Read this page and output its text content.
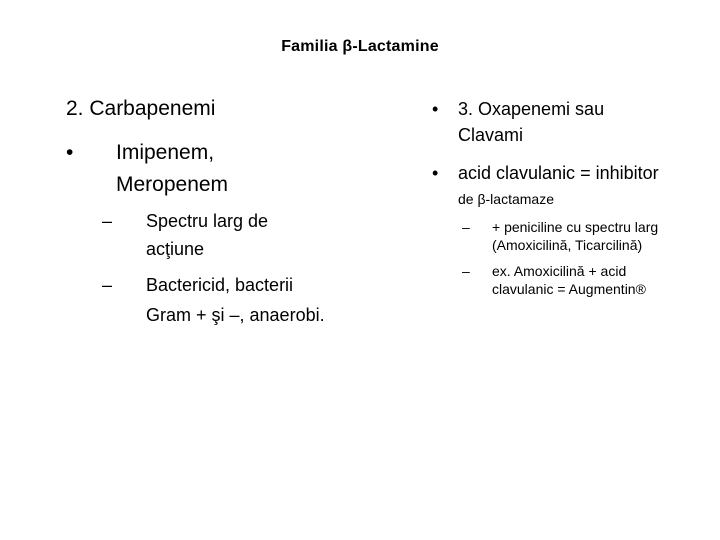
Familia β-Lactamine
2. Carbapenemi
• Imipenem,
Meropenem
– Spectru larg de
acţiune
– Bactericid, bacterii
Gram + şi –, anaerobi.
• 3. Oxapenemi sau
Clavami
• acid clavulanic = inhibitor
de β-lactamaze
– + peniciline cu spectru larg
(Amoxicilină, Ticarcilină)
– ex. Amoxicilină + acid
clavulanic = Augmentin®
